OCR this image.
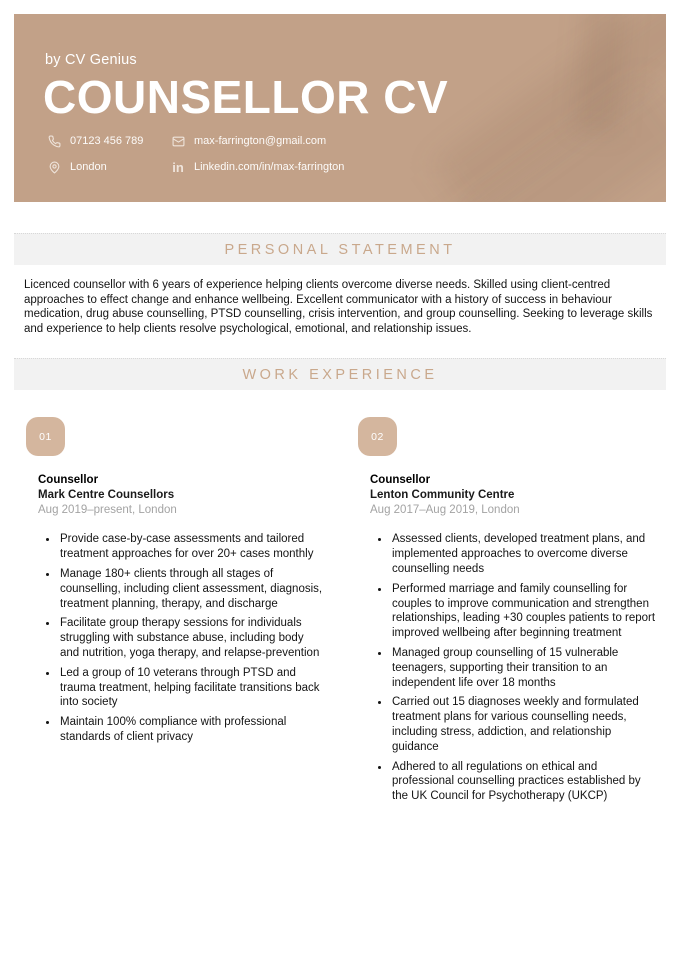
by CV Genius
COUNSELLOR CV
07123 456 789	max-farrington@gmail.com
London	in Linkedin.com/in/max-farrington
PERSONAL STATEMENT

Licenced counsellor with 6 years of experience helping clients overcome diverse needs. Skilled using client-centred approaches to effect change and enhance wellbeing. Excellent communicator with a history of success in behaviour medication, drug abuse counselling, PTSD counselling, crisis intervention, and group counselling. Seeking to leverage skills and experience to help clients resolve psychological, emotional, and relationship issues.

WORK EXPERIENCE
01
Counsellor
Mark Centre Counsellors
Aug 2019–present, London
• Provide case-by-case assessments and tailored treatment approaches for over 20+ cases monthly
• Manage 180+ clients through all stages of counselling, including client assessment, diagnosis, treatment planning, therapy, and discharge
• Facilitate group therapy sessions for individuals struggling with substance abuse, including body and nutrition, yoga therapy, and relapse-prevention
• Led a group of 10 veterans through PTSD and trauma treatment, helping facilitate transitions back into society
• Maintain 100% compliance with professional standards of client privacy
02
Counsellor
Lenton Community Centre
Aug 2017–Aug 2019, London
• Assessed clients, developed treatment plans, and implemented approaches to overcome diverse counselling needs
• Performed marriage and family counselling for couples to improve communication and strengthen relationships, leading +30 couples patients to report improved wellbeing after beginning treatment
• Managed group counselling of 15 vulnerable teenagers, supporting their transition to an independent life over 18 months
• Carried out 15 diagnoses weekly and formulated treatment plans for various counselling needs, including stress, addiction, and relationship guidance
• Adhered to all regulations on ethical and professional counselling practices established by the UK Council for Psychotherapy (UKCP)
